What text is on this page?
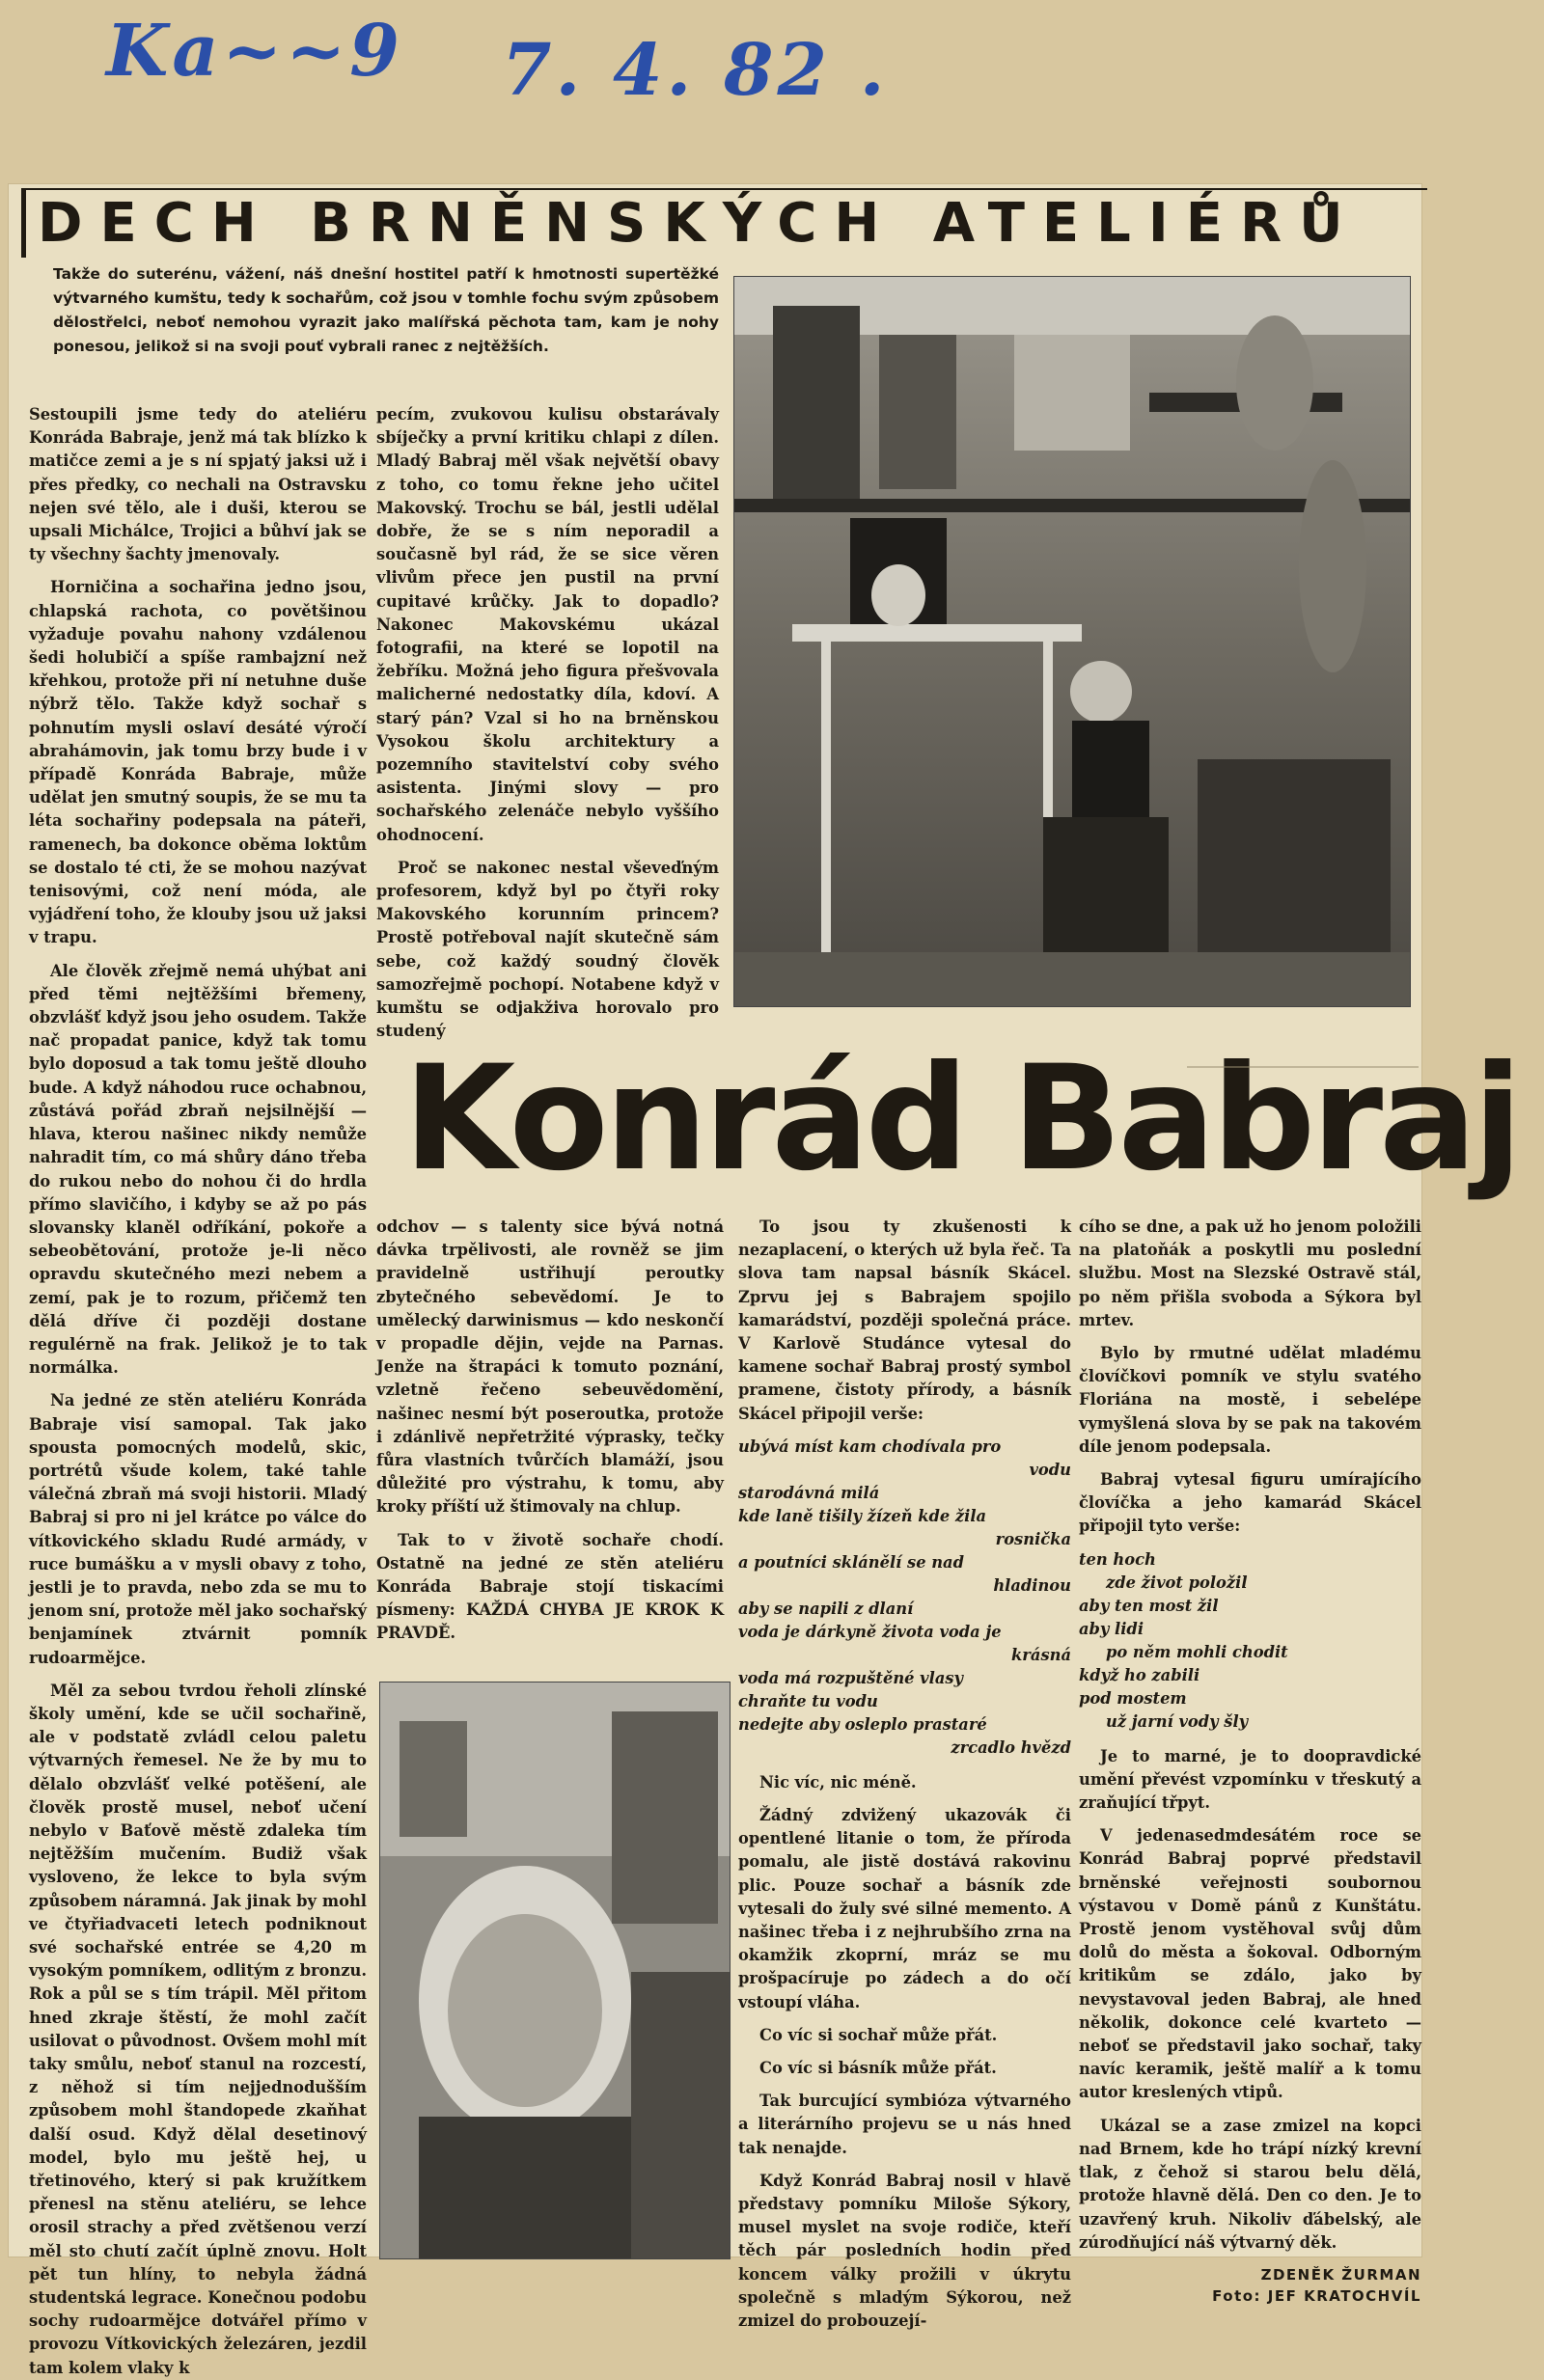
Ka~~9 7. 4. 82 .
DECH BRNĚNSKÝCH ATELIÉRŮ
Takže do suterénu, vážení, náš dnešní hostitel patří k hmotnosti supertěžké výtvarného kumštu, tedy k sochařům, což jsou v tomhle fochu svým způsobem dělostřelci, neboť nemohou vyrazit jako malířská pěchota tam, kam je nohy ponesou, jelikož si na svoji pouť vybrali ranec z nejtěžších.
Konrád Babraj

Sestoupili jsme tedy do ateliéru Konráda Babraje, jenž má tak blízko k matičce zemi a je s ní spjatý jaksi už i přes předky, co nechali na Ostravsku nejen své tělo, ale i duši, kterou se upsali Michálce, Trojici a bůhví jak se ty všechny šachty jmenovaly.

Horničina a sochařina jedno jsou, chlapská rachota, co povětšinou vyžaduje povahu nahony vzdálenou šedi holubičí a spíše rambajzní než křehkou, protože při ní netuhne duše nýbrž tělo. Takže když sochař s pohnutím mysli oslaví desáté výročí abrahámovin, jak tomu brzy bude i v případě Konráda Babraje, může udělat jen smutný soupis, že se mu ta léta sochařiny podepsala na páteři, ramenech, ba dokonce oběma loktům se dostalo té cti, že se mohou nazývat tenisovými, což není móda, ale vyjádření toho, že klouby jsou už jaksi v trapu.

Ale člověk zřejmě nemá uhýbat ani před těmi nejtěžšími břemeny, obzvlášť když jsou jeho osudem. Takže nač propadat panice, když tak tomu bylo doposud a tak tomu ještě dlouho bude. A když náhodou ruce ochabnou, zůstává pořád zbraň nejsilnější — hlava, kterou našinec nikdy nemůže nahradit tím, co má shůry dáno třeba do rukou nebo do nohou či do hrdla přímo slavičího, i kdyby se až po pás slovansky klaněl odříkání, pokoře a sebeobětování, protože je-li něco opravdu skutečného mezi nebem a zemí, pak je to rozum, přičemž ten dělá dříve či později dostane regulérně na frak. Jelikož je to tak normálka.

Na jedné ze stěn ateliéru Konráda Babraje visí samopal. Tak jako spousta pomocných modelů, skic, portrétů všude kolem, také tahle válečná zbraň má svoji historii. Mladý Babraj si pro ni jel krátce po válce do vítkovického skladu Rudé armády, v ruce bumášku a v mysli obavy z toho, jestli je to pravda, nebo zda se mu to jenom sní, protože měl jako sochařský benjamínek ztvárnit pomník rudoarmějce.

Měl za sebou tvrdou řeholi zlínské školy umění, kde se učil sochařině, ale v podstatě zvládl celou paletu výtvarných řemesel. Ne že by mu to dělalo obzvlášť velké potěšení, ale člověk prostě musel, neboť učení nebylo v Baťově městě zdaleka tím nejtěžším mučením. Budiž však vysloveno, že lekce to byla svým způsobem náramná. Jak jinak by mohl ve čtyřiadvaceti letech podniknout své sochařské entrée se 4,20 m vysokým pomníkem, odlitým z bronzu. Rok a půl se s tím trápil. Měl přitom hned zkraje štěstí, že mohl začít usilovat o původnost. Ovšem mohl mít taky smůlu, neboť stanul na rozcestí, z něhož si tím nejjednodušším způsobem mohl štandopede zkaňhat další osud. Když dělal desetinový model, bylo mu ještě hej, u třetinového, který si pak kružítkem přenesl na stěnu ateliéru, se lehce orosil strachy a před zvětšenou verzí měl sto chutí začít úplně znovu. Holt pět tun hlíny, to nebyla žádná studentská legrace. Konečnou podobu sochy rudoarmějce dotvářel přímo v provozu Vítkovických železáren, jezdil tam kolem vlaky k

pecím, zvukovou kulisu obstarávaly sbíječky a první kritiku chlapi z dílen. Mladý Babraj měl však největší obavy z toho, co tomu řekne jeho učitel Makovský. Trochu se bál, jestli udělal dobře, že se s ním neporadil a současně byl rád, že se sice věren vlivům přece jen pustil na první cupitavé krůčky. Jak to dopadlo? Nakonec Makovskému ukázal fotografii, na které se lopotil na žebříku. Možná jeho figura přešvovala malicherné nedostatky díla, kdoví. A starý pán? Vzal si ho na brněnskou Vysokou školu architektury a pozemního stavitelství coby svého asistenta. Jinými slovy — pro sochařského zelenáče nebylo vyššího ohodnocení.

Proč se nakonec nestal vševeďným profesorem, když byl po čtyři roky Makovského korunním princem? Prostě potřeboval najít skutečně sám sebe, což každý soudný člověk samozřejmě pochopí. Notabene když v kumštu se odjakživa horovalo pro studený

odchov — s talenty sice bývá notná dávka trpělivosti, ale rovněž se jim pravidelně ustřihují peroutky zbytečného sebevědomí. Je to umělecký darwinismus — kdo neskončí v propadle dějin, vejde na Parnas. Jenže na štrapáci k tomuto poznání, vzletně řečeno sebeuvědomění, našinec nesmí být poseroutka, protože i zdánlivě nepřetržité výprasky, tečky fůra vlastních tvůrčích blamáží, jsou důležité pro výstrahu, k tomu, aby kroky příští už štimovaly na chlup.

Tak to v životě sochaře chodí. Ostatně na jedné ze stěn ateliéru Konráda Babraje stojí tiskacími písmeny: KAŽDÁ CHYBA JE KROK K PRAVDĚ.

To jsou ty zkušenosti k nezaplacení, o kterých už byla řeč. Ta slova tam napsal básník Skácel. Zprvu jej s Babrajem spojilo kamarádství, později společná práce. V Karlově Studánce vytesal do kamene sochař Babraj prostý symbol pramene, čistoty přírody, a básník Skácel připojil verše:

ubývá míst kam chodívala pro
vodu
starodávná milá
kde laně tišily žízeň kde žila
rosnička
a poutníci sklánělí se nad
hladinou
aby se napili z dlaní
voda je dárkyně života voda je
krásná
voda má rozpuštěné vlasy
chraňte tu vodu
nedejte aby osleplo prastaré
zrcadlo hvězd

Nic víc, nic méně.

Žádný zdvižený ukazovák či opentlené litanie o tom, že příroda pomalu, ale jistě dostává rakovinu plic. Pouze sochař a básník zde vytesali do žuly své silné memento. A našinec třeba i z nejhrubšího zrna na okamžik zkoprní, mráz se mu prošpacíruje po zádech a do očí vstoupí vláha.

Co víc si sochař může přát.

Co víc si básník může přát.

Tak burcující symbióza výtvarného a literárního projevu se u nás hned tak nenajde.

Když Konrád Babraj nosil v hlavě představy pomníku Miloše Sýkory, musel myslet na svoje rodiče, kteří těch pár posledních hodin před koncem války prožili v úkrytu společně s mladým Sýkorou, než zmizel do probouzejí-

cího se dne, a pak už ho jenom položili na platoňák a poskytli mu poslední službu. Most na Slezské Ostravě stál, po něm přišla svoboda a Sýkora byl mrtev.

Bylo by rmutné udělat mladému človíčkovi pomník ve stylu svatého Floriána na mostě, i sebelépe vymyšlená slova by se pak na takovém díle jenom podepsala.

Babraj vytesal figuru umírajícího človíčka a jeho kamarád Skácel připojil tyto verše:

ten hoch
zde život položil
aby ten most žil
aby lidi
po něm mohli chodit
když ho zabili
pod mostem
už jarní vody šly

Je to marné, je to doopravdické umění převést vzpomínku v třeskutý a zraňující třpyt.

V jedenasedmdesátém roce se Konrád Babraj poprvé představil brněnské veřejnosti soubornou výstavou v Domě pánů z Kunštátu. Prostě jenom vystěhoval svůj dům dolů do města a šokoval. Odborným kritikům se zdálo, jako by nevystavoval jeden Babraj, ale hned několik, dokonce celé kvarteto — neboť se představil jako sochař, taky navíc keramik, ještě malíř a k tomu autor kreslených vtipů.

Ukázal se a zase zmizel na kopci nad Brnem, kde ho trápí nízký krevní tlak, z čehož si starou belu dělá, protože hlavně dělá. Den co den. Je to uzavřený kruh. Nikoliv ďábelský, ale zúrodňující náš výtvarný děk.

ZDENĚK ŽURMAN
Foto: JEF KRATOCHVÍL
